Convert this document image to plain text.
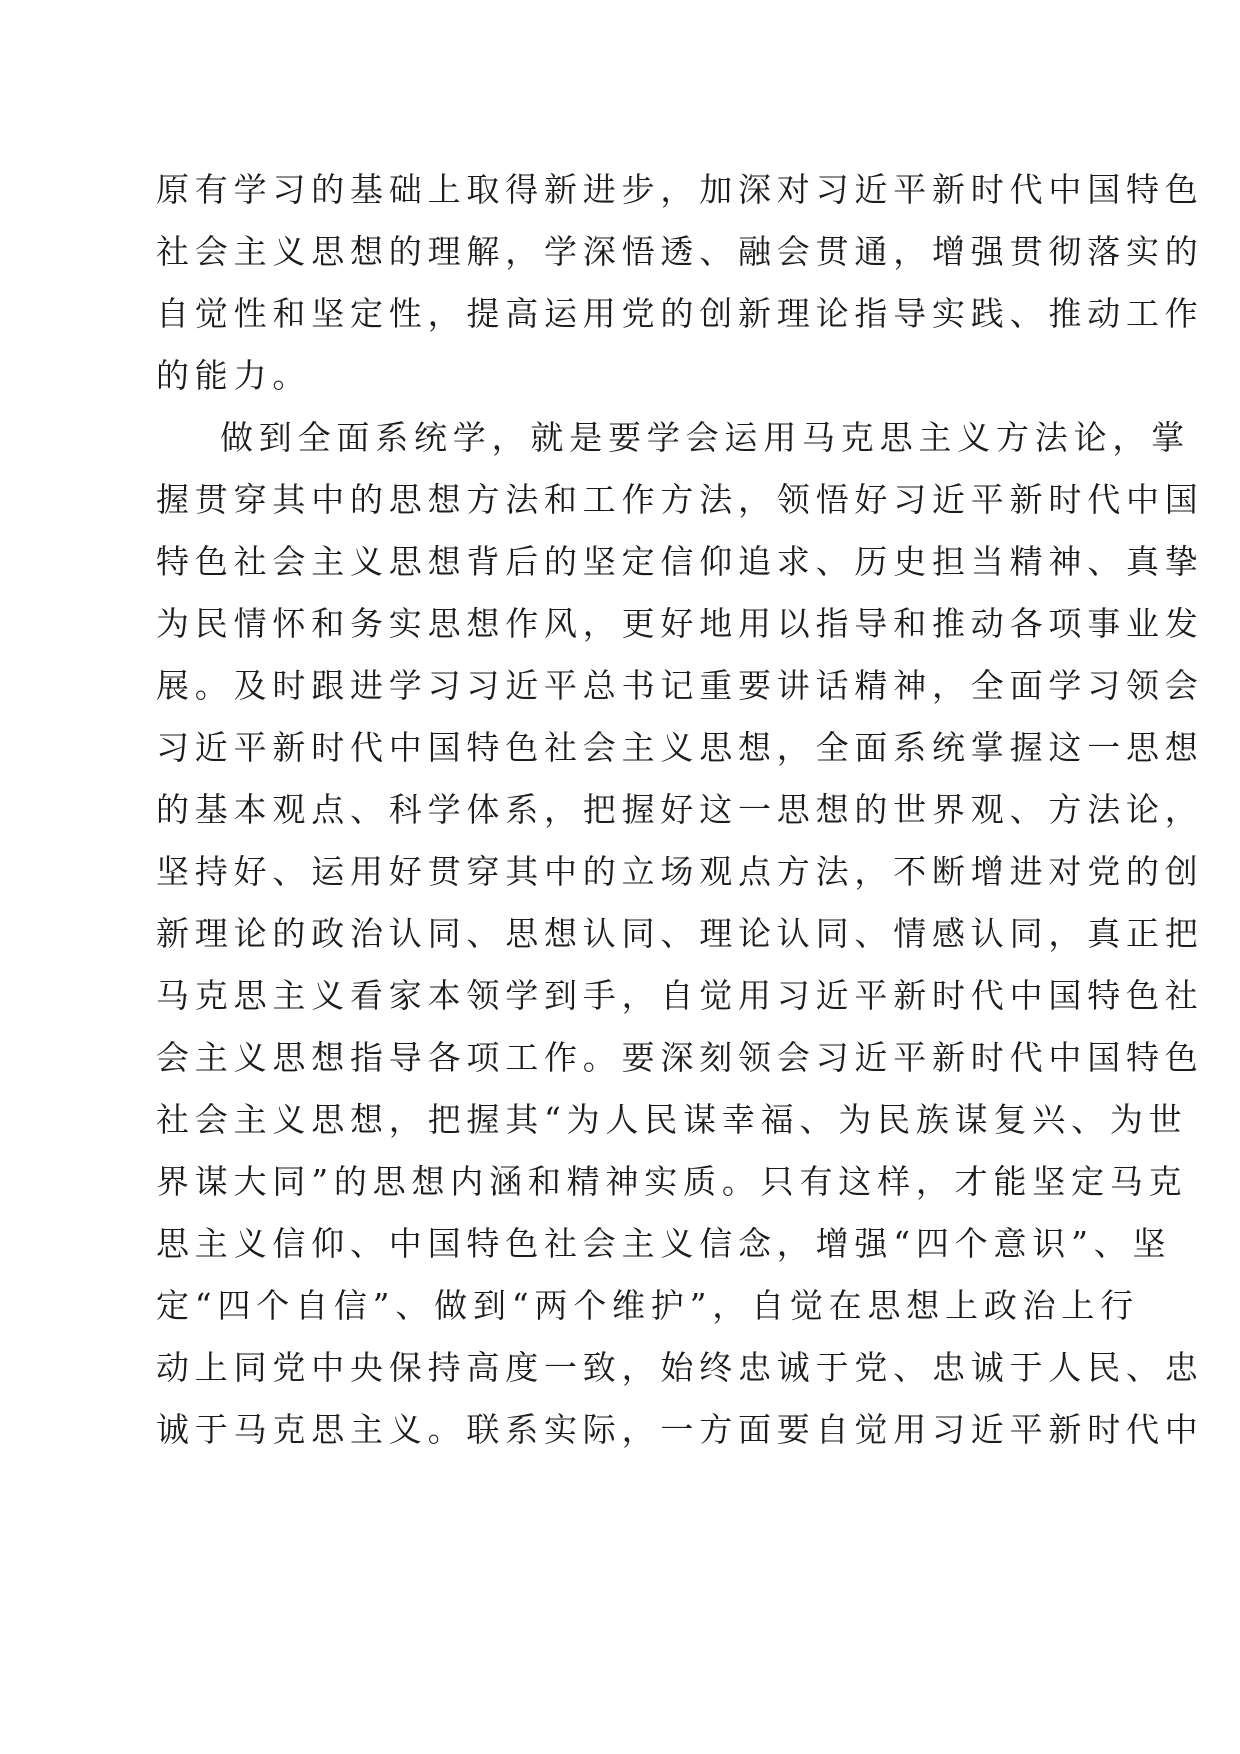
原有学习的基础上取得新进步，加深对习近平新时代中国特色
社会主义思想的理解，学深悟透、融会贯通，增强贯彻落实的
自觉性和坚定性，提高运用党的创新理论指导实践、推动工作
的能力。
做到全面系统学，就是要学会运用马克思主义方法论，掌
握贯穿其中的思想方法和工作方法，领悟好习近平新时代中国
特色社会主义思想背后的坚定信仰追求、历史担当精神、真挚
为民情怀和务实思想作风，更好地用以指导和推动各项事业发
展。及时跟进学习习近平总书记重要讲话精神，全面学习领会
习近平新时代中国特色社会主义思想，全面系统掌握这一思想
的基本观点、科学体系，把握好这一思想的世界观、方法论，
坚持好、运用好贯穿其中的立场观点方法，不断增进对党的创
新理论的政治认同、思想认同、理论认同、情感认同，真正把
马克思主义看家本领学到手，自觉用习近平新时代中国特色社
会主义思想指导各项工作。要深刻领会习近平新时代中国特色
社会主义思想，把握其“为人民谋幸福、为民族谋复兴、为世
界谋大同”的思想内涵和精神实质。只有这样，才能坚定马克
思主义信仰、中国特色社会主义信念，增强“四个意识”、坚
定“四个自信”、做到“两个维护”，自觉在思想上政治上行
动上同党中央保持高度一致，始终忠诚于党、忠诚于人民、忠
诚于马克思主义。联系实际，一方面要自觉用习近平新时代中
